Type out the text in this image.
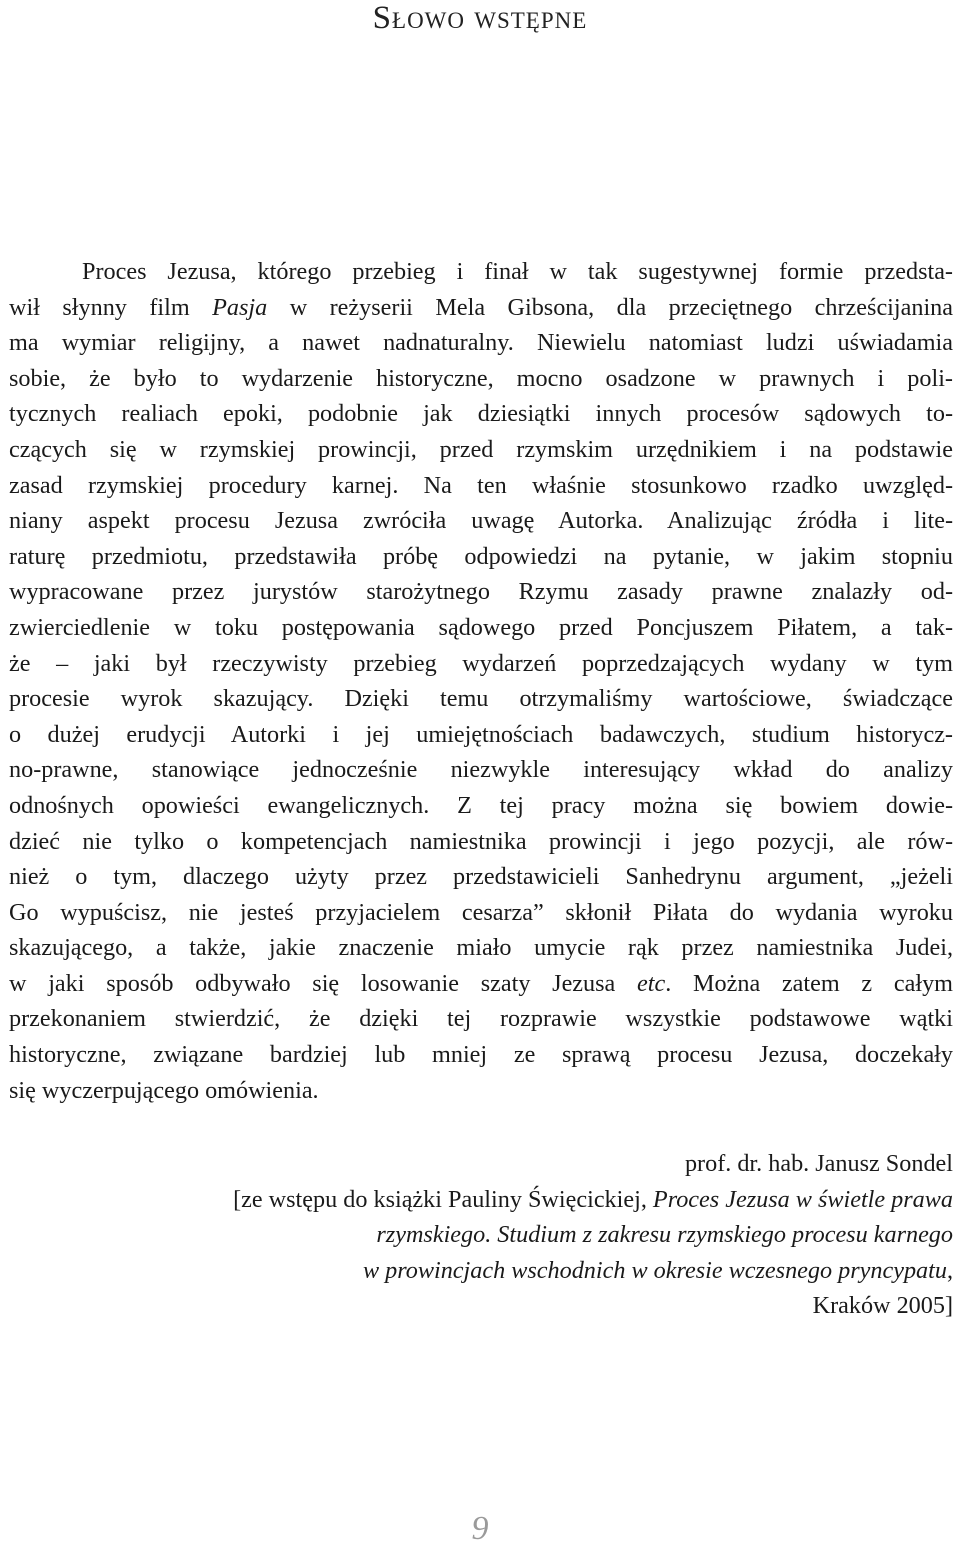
Słowo wstępne
Proces Jezusa, którego przebieg i finał w tak sugestywnej formie przedsta-
wił słynny film Pasja w reżyserii Mela Gibsona, dla przeciętnego chrześcijanina
ma wymiar religijny, a nawet nadnaturalny. Niewielu natomiast ludzi uświadamia
sobie, że było to wydarzenie historyczne, mocno osadzone w prawnych i poli-
tycznych realiach epoki, podobnie jak dziesiątki innych procesów sądowych to-
czących się w rzymskiej prowincji, przed rzymskim urzędnikiem i na podstawie
zasad rzymskiej procedury karnej. Na ten właśnie stosunkowo rzadko uwzględ-
niany aspekt procesu Jezusa zwróciła uwagę Autorka. Analizując źródła i lite-
raturę przedmiotu, przedstawiła próbę odpowiedzi na pytanie, w jakim stopniu
wypracowane przez jurystów starożytnego Rzymu zasady prawne znalazły od-
zwierciedlenie w toku postępowania sądowego przed Poncjuszem Piłatem, a tak-
że – jaki był rzeczywisty przebieg wydarzeń poprzedzających wydany w tym
procesie wyrok skazujący. Dzięki temu otrzymaliśmy wartościowe, świadczące
o dużej erudycji Autorki i jej umiejętnościach badawczych, studium historycz-
no-prawne, stanowiące jednocześnie niezwykle interesujący wkład do analizy
odnośnych opowieści ewangelicznych. Z tej pracy można się bowiem dowie-
dzieć nie tylko o kompetencjach namiestnika prowincji i jego pozycji, ale rów-
nież o tym, dlaczego użyty przez przedstawicieli Sanhedrynu argument, „jeżeli
Go wypuścisz, nie jesteś przyjacielem cesarza” skłonił Piłata do wydania wyroku
skazującego, a także, jakie znaczenie miało umycie rąk przez namiestnika Judei,
w jaki sposób odbywało się losowanie szaty Jezusa etc. Można zatem z całym
przekonaniem stwierdzić, że dzięki tej rozprawie wszystkie podstawowe wątki
historyczne, związane bardziej lub mniej ze sprawą procesu Jezusa, doczekały
się wyczerpującego omówienia.
prof. dr. hab. Janusz Sondel
[ze wstępu do książki Pauliny Święcickiej, Proces Jezusa w świetle prawa
rzymskiego. Studium z zakresu rzymskiego procesu karnego
w prowincjach wschodnich w okresie wczesnego pryncypatu,
Kraków 2005]
9
